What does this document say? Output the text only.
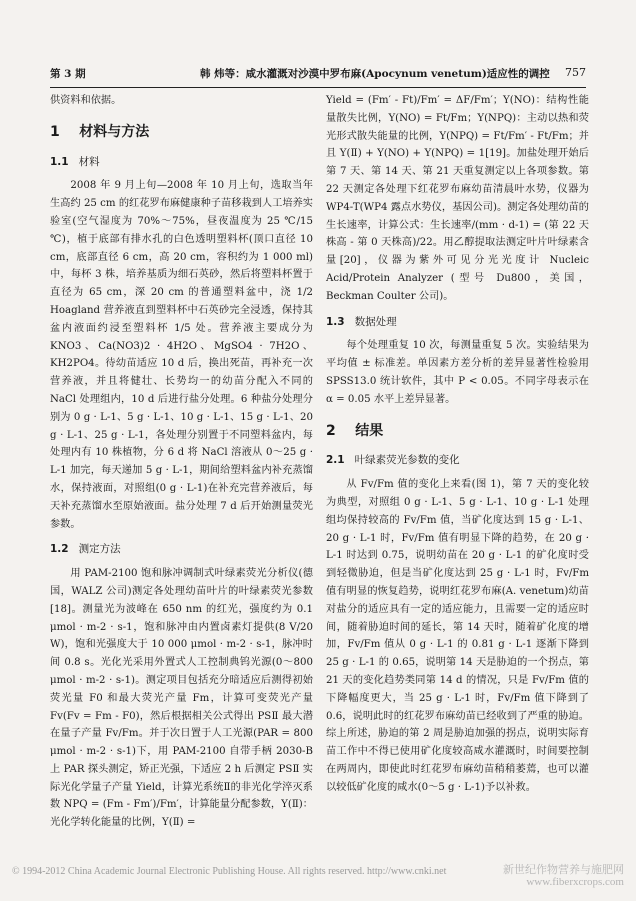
第 3 期	韩 炜等：咸水灌溉对沙漠中罗布麻(Apocynum venetum)适应性的调控 757

供资料和依据。

1 材料与方法
1.1 材料

2008 年 9 月上旬—2008 年 10 月上旬，选取当年生高约 25 cm 的红花罗布麻健康种子苗移栽到人工培养实验室(空气湿度为 70%～75%，昼夜温度为 25 ℃/15 ℃)，植于底部有排水孔的白色透明塑料杯(顶口直径 10 cm，底部直径 6 cm，高 20 cm，容积约为 1 000 ml)中，每杯 3 株，培养基质为细石英砂，然后将塑料杯置于直径为 65 cm，深 20 cm 的普通塑料盆中，浇 1/2 Hoagland 营养液直到塑料杯中石英砂完全浸透，保持其盆内液面约浸至塑料杯 1/5 处。营养液主要成分为 KNO3、Ca(NO3)2 · 4H2O、MgSO4 · 7H2O、KH2PO4。待幼苗适应 10 d 后，换出死苗，再补充一次营养液，并且将健壮、长势均一的幼苗分配入不同的 NaCl 处理组内，10 d 后进行盐分处理。6 种盐分处理分别为 0 g · L-1、5 g · L-1、10 g · L-1、15 g · L-1、20 g · L-1、25 g · L-1，各处理分别置于不同塑料盆内，每处理内有 10 株植物，分 6 d 将 NaCl 溶液从 0～25 g · L-1 加完，每天递加 5 g · L-1，期间给塑料盆内补充蒸馏水，保持液面，对照组(0 g · L-1)在补充完营养液后，每天补充蒸馏水至原始液面。盐分处理 7 d 后开始测量荧光参数。

1.2 测定方法

用 PAM-2100 饱和脉冲调制式叶绿素荧光分析仪(德国，WALZ 公司)测定各处理幼苗叶片的叶绿素荧光参数[18]。测量光为波峰在 650 nm 的红光，强度约为 0.1 μmol · m-2 · s-1，饱和脉冲由内置卤素灯提供(8 V/20 W)，饱和光强度大于 10 000 μmol · m-2 · s-1，脉冲时间 0.8 s。光化光采用外置式人工控制典钨光源(0～800 μmol · m-2 · s-1)。测定项目包括充分暗适应后测得初始荧光量 F0 和最大荧光产量 Fm，计算可变荧光产量 Fv(Fv = Fm - F0)，然后根据相关公式得出 PSⅡ 最大潜在量子产量 Fv/Fm。并于次日置于人工光源(PAR = 800 μmol · m-2 · s-1)下，用 PAM-2100 自带手柄 2030-B 上 PAR 探头测定，矫正光强，下适应 2 h 后测定 PSⅡ 实际光化学量子产量 Yield，计算光系统Ⅱ的非光化学淬灭系数 NPQ = (Fm - Fm′)/Fm′，计算能量分配参数，Y(Ⅱ)：光化学转化能量的比例，Y(Ⅱ) =

Yield = (Fm′ - Ft)/Fm′ = ΔF/Fm′；Y(NO)：结构性能量散失比例，Y(NO) = Ft/Fm；Y(NPQ)：主动以热和荧光形式散失能量的比例，Y(NPQ) = Ft/Fm′ - Ft/Fm；并且 Y(Ⅱ) + Y(NO) + Y(NPQ) = 1[19]。加盐处理开始后第 7 天、第 14 天、第 21 天重复测定以上各项参数。第 22 天测定各处理下红花罗布麻幼苗清晨叶水势，仪器为 WP4-T(WP4 露点水势仪，基因公司)。测定各处理幼苗的生长速率，计算公式：生长速率/(mm · d-1) = (第 22 天株高 - 第 0 天株高)/22。用乙醇提取法测定叶片叶绿素含量[20]，仪器为紫外可见分光光度计 Nucleic Acid/Protein Analyzer (型号 Du800，美国，Beckman Coulter 公司)。

1.3 数据处理

每个处理重复 10 次，每测量重复 5 次。实验结果为平均值 ± 标准差。单因素方差分析的差异显著性检验用 SPSS13.0 统计软件，其中 P < 0.05。不同字母表示在 α = 0.05 水平上差异显著。

2 结果
2.1 叶绿素荧光参数的变化

从 Fv/Fm 值的变化上来看(图 1)，第 7 天的变化较为典型，对照组 0 g · L-1、5 g · L-1、10 g · L-1 处理组均保持较高的 Fv/Fm 值，当矿化度达到 15 g · L-1、20 g · L-1 时，Fv/Fm 值有明显下降的趋势，在 20 g · L-1 时达到 0.75，说明幼苗在 20 g · L-1 的矿化度时受到轻微胁迫，但是当矿化度达到 25 g · L-1 时，Fv/Fm 值有明显的恢复趋势，说明红花罗布麻(A. venetum)幼苗对盐分的适应具有一定的适应能力，且需要一定的适应时间，随着胁迫时间的延长，第 14 天时，随着矿化度的增加，Fv/Fm 值从 0 g · L-1 的 0.81 g · L-1 逐渐下降到 25 g · L-1 的 0.65，说明第 14 天是胁迫的一个拐点，第 21 天的变化趋势类同第 14 d 的情况，只是 Fv/Fm 值的下降幅度更大，当 25 g · L-1 时，Fv/Fm 值下降到了 0.6，说明此时的红花罗布麻幼苗已经收到了严重的胁迫。综上所述，胁迫的第 2 周是胁迫加强的拐点，说明实际育苗工作中不得已使用矿化度较高咸水灌溉时，时间要控制在两周内，即使此时红花罗布麻幼苗稍稍萎蔫，也可以灌以较低矿化度的咸水(0～5 g · L-1)予以补救。

© 1994-2012 China Academic Journal Electronic Publishing House. All rights reserved. http://www.cnki.net	新世纪作物营养与施肥网
www.fiberxcrops.com
